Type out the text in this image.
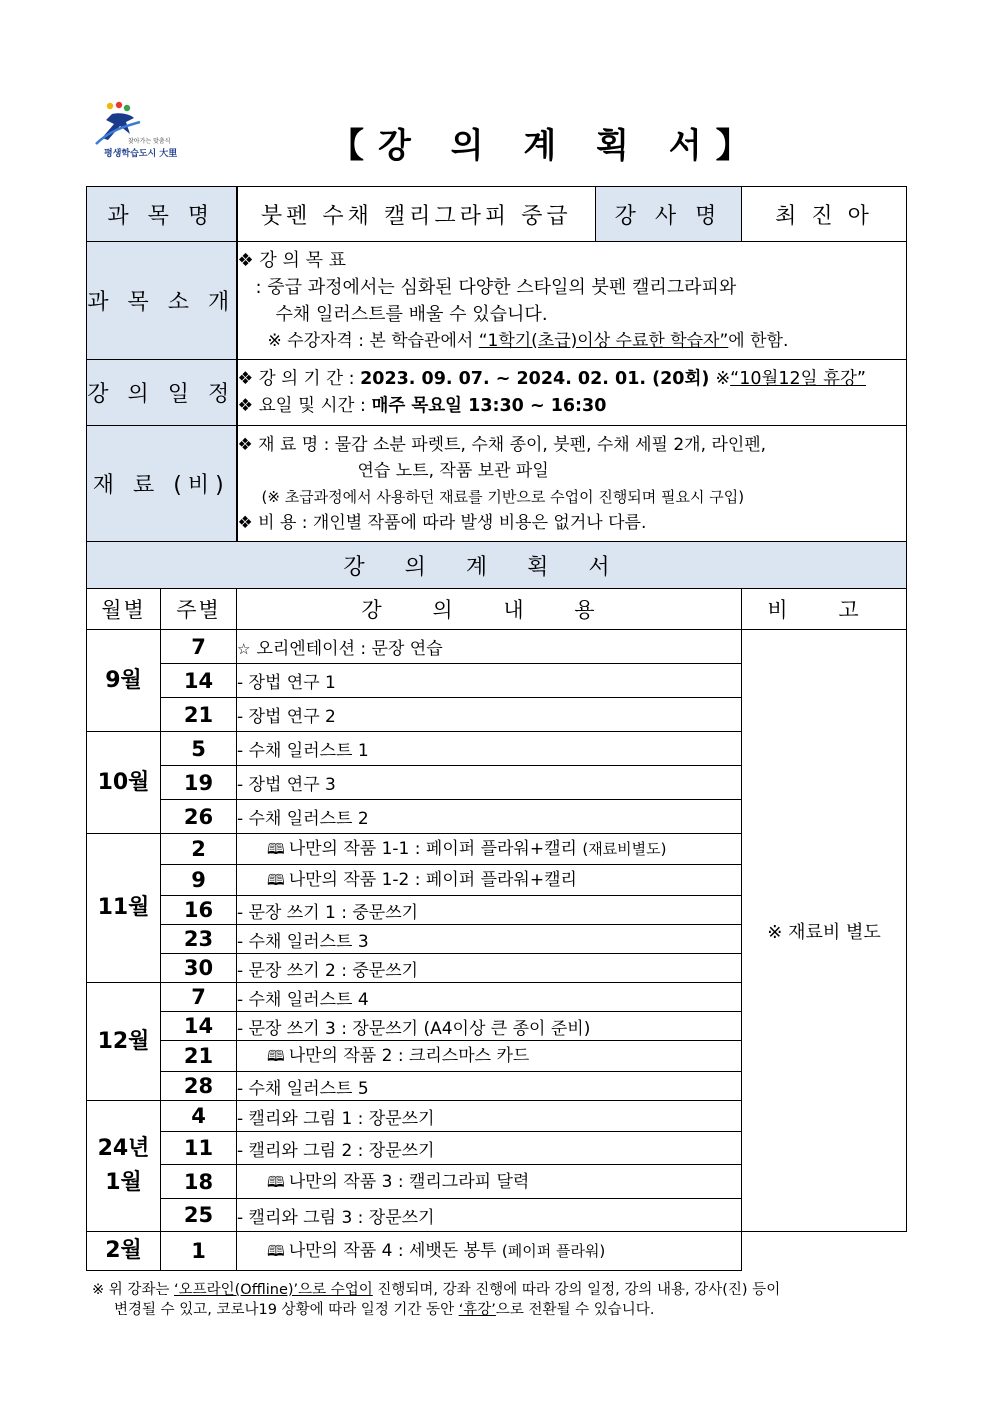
찾아가는 맞춤식
평생학습도시 大里	【강 의 계 획 서】
과 목 명		붓펜 수채 캘리그라피 중급	강 사 명	최 진 아
과 목 소 개		❖ 강 의 목 표
: 중급 과정에서는 심화된 다양한 스타일의 붓펜 캘리그라피와
수채 일러스트를 배울 수 있습니다.
※ 수강자격 : 본 학습관에서 “1학기(초급)이상 수료한 학습자”에 한함.		

강 의 일 정		❖ 강 의 기 간 : 2023. 09. 07. ~ 2024. 02. 01. (20회) ※“10월12일 휴강”
❖ 요일 및 시간 : 매주 목요일 13:30 ~ 16:30		

재 료 (비)		❖ 재 료 명 : 물감 소분 파렛트, 수채 종이, 붓펜, 수채 세필 2개, 라인펜,
연습 노트, 작품 보관 파일
(※ 초급과정에서 사용하던 재료를 기반으로 수업이 진행되며 필요시 구입)
❖ 비 용 : 개인별 작품에 따라 발생 비용은 없거나 다름.		

강의계획서				
월별	주별	강 의 내 용		비 고
9월	7	☆ 오리엔테이션 : 문장 연습		※ 재료비 별도
	14	- 장법 연구 1		
	21	- 장법 연구 2		
10월	5	- 수채 일러스트 1		
	19	- 장법 연구 3		
	26	- 수채 일러스트 2		
11월	2	🕮 나만의 작품 1-1 : 페이퍼 플라워+캘리 (재료비별도)		
	9	🕮 나만의 작품 1-2 : 페이퍼 플라워+캘리		
	16	- 문장 쓰기 1 : 중문쓰기		
	23	- 수채 일러스트 3		
	30	- 문장 쓰기 2 : 중문쓰기		
12월	7	- 수채 일러스트 4		
	14	- 문장 쓰기 3 : 장문쓰기 (A4이상 큰 종이 준비)		
	21	🕮 나만의 작품 2 : 크리스마스 카드		
	28	- 수채 일러스트 5		

24년
1월	4	- 캘리와 그림 1 : 장문쓰기		
	11	- 캘리와 그림 2 : 장문쓰기		
	18	🕮 나만의 작품 3 : 캘리그라피 달력		
	25	- 캘리와 그림 3 : 장문쓰기		
2월	1	🕮 나만의 작품 4 : 세뱃돈 봉투 (페이퍼 플라워)		
※ 위 강좌는 ‘오프라인(Offline)’으로 수업이 진행되며, 강좌 진행에 따라 강의 일정, 강의 내용, 강사(진) 등이
변경될 수 있고, 코로나19 상황에 따라 일정 기간 동안 ‘휴강’으로 전환될 수 있습니다.
